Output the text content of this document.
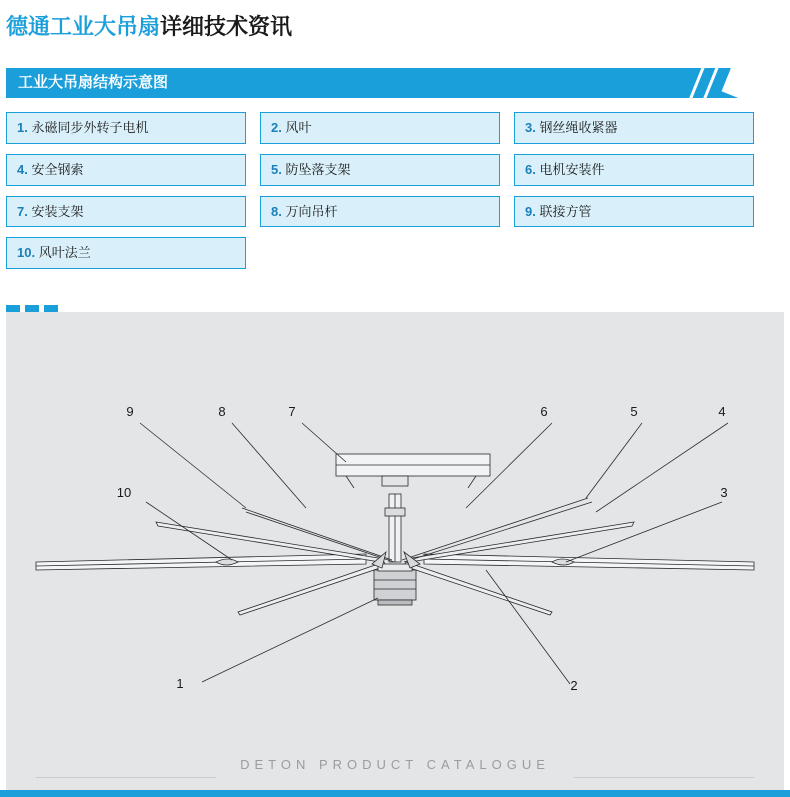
德通工业大吊扇详细技术资讯
工业大吊扇结构示意图
1. 永磁同步外转子电机	2. 风叶	3. 钢丝绳收紧器
4. 安全钢索	5. 防坠落支架	6. 电机安装件
7. 安装支架	8. 万向吊杆	9. 联接方管
10. 风叶法兰
9	8	7	6	5	4
10	3
1	2
DETON PRODUCT CATALOGUE
